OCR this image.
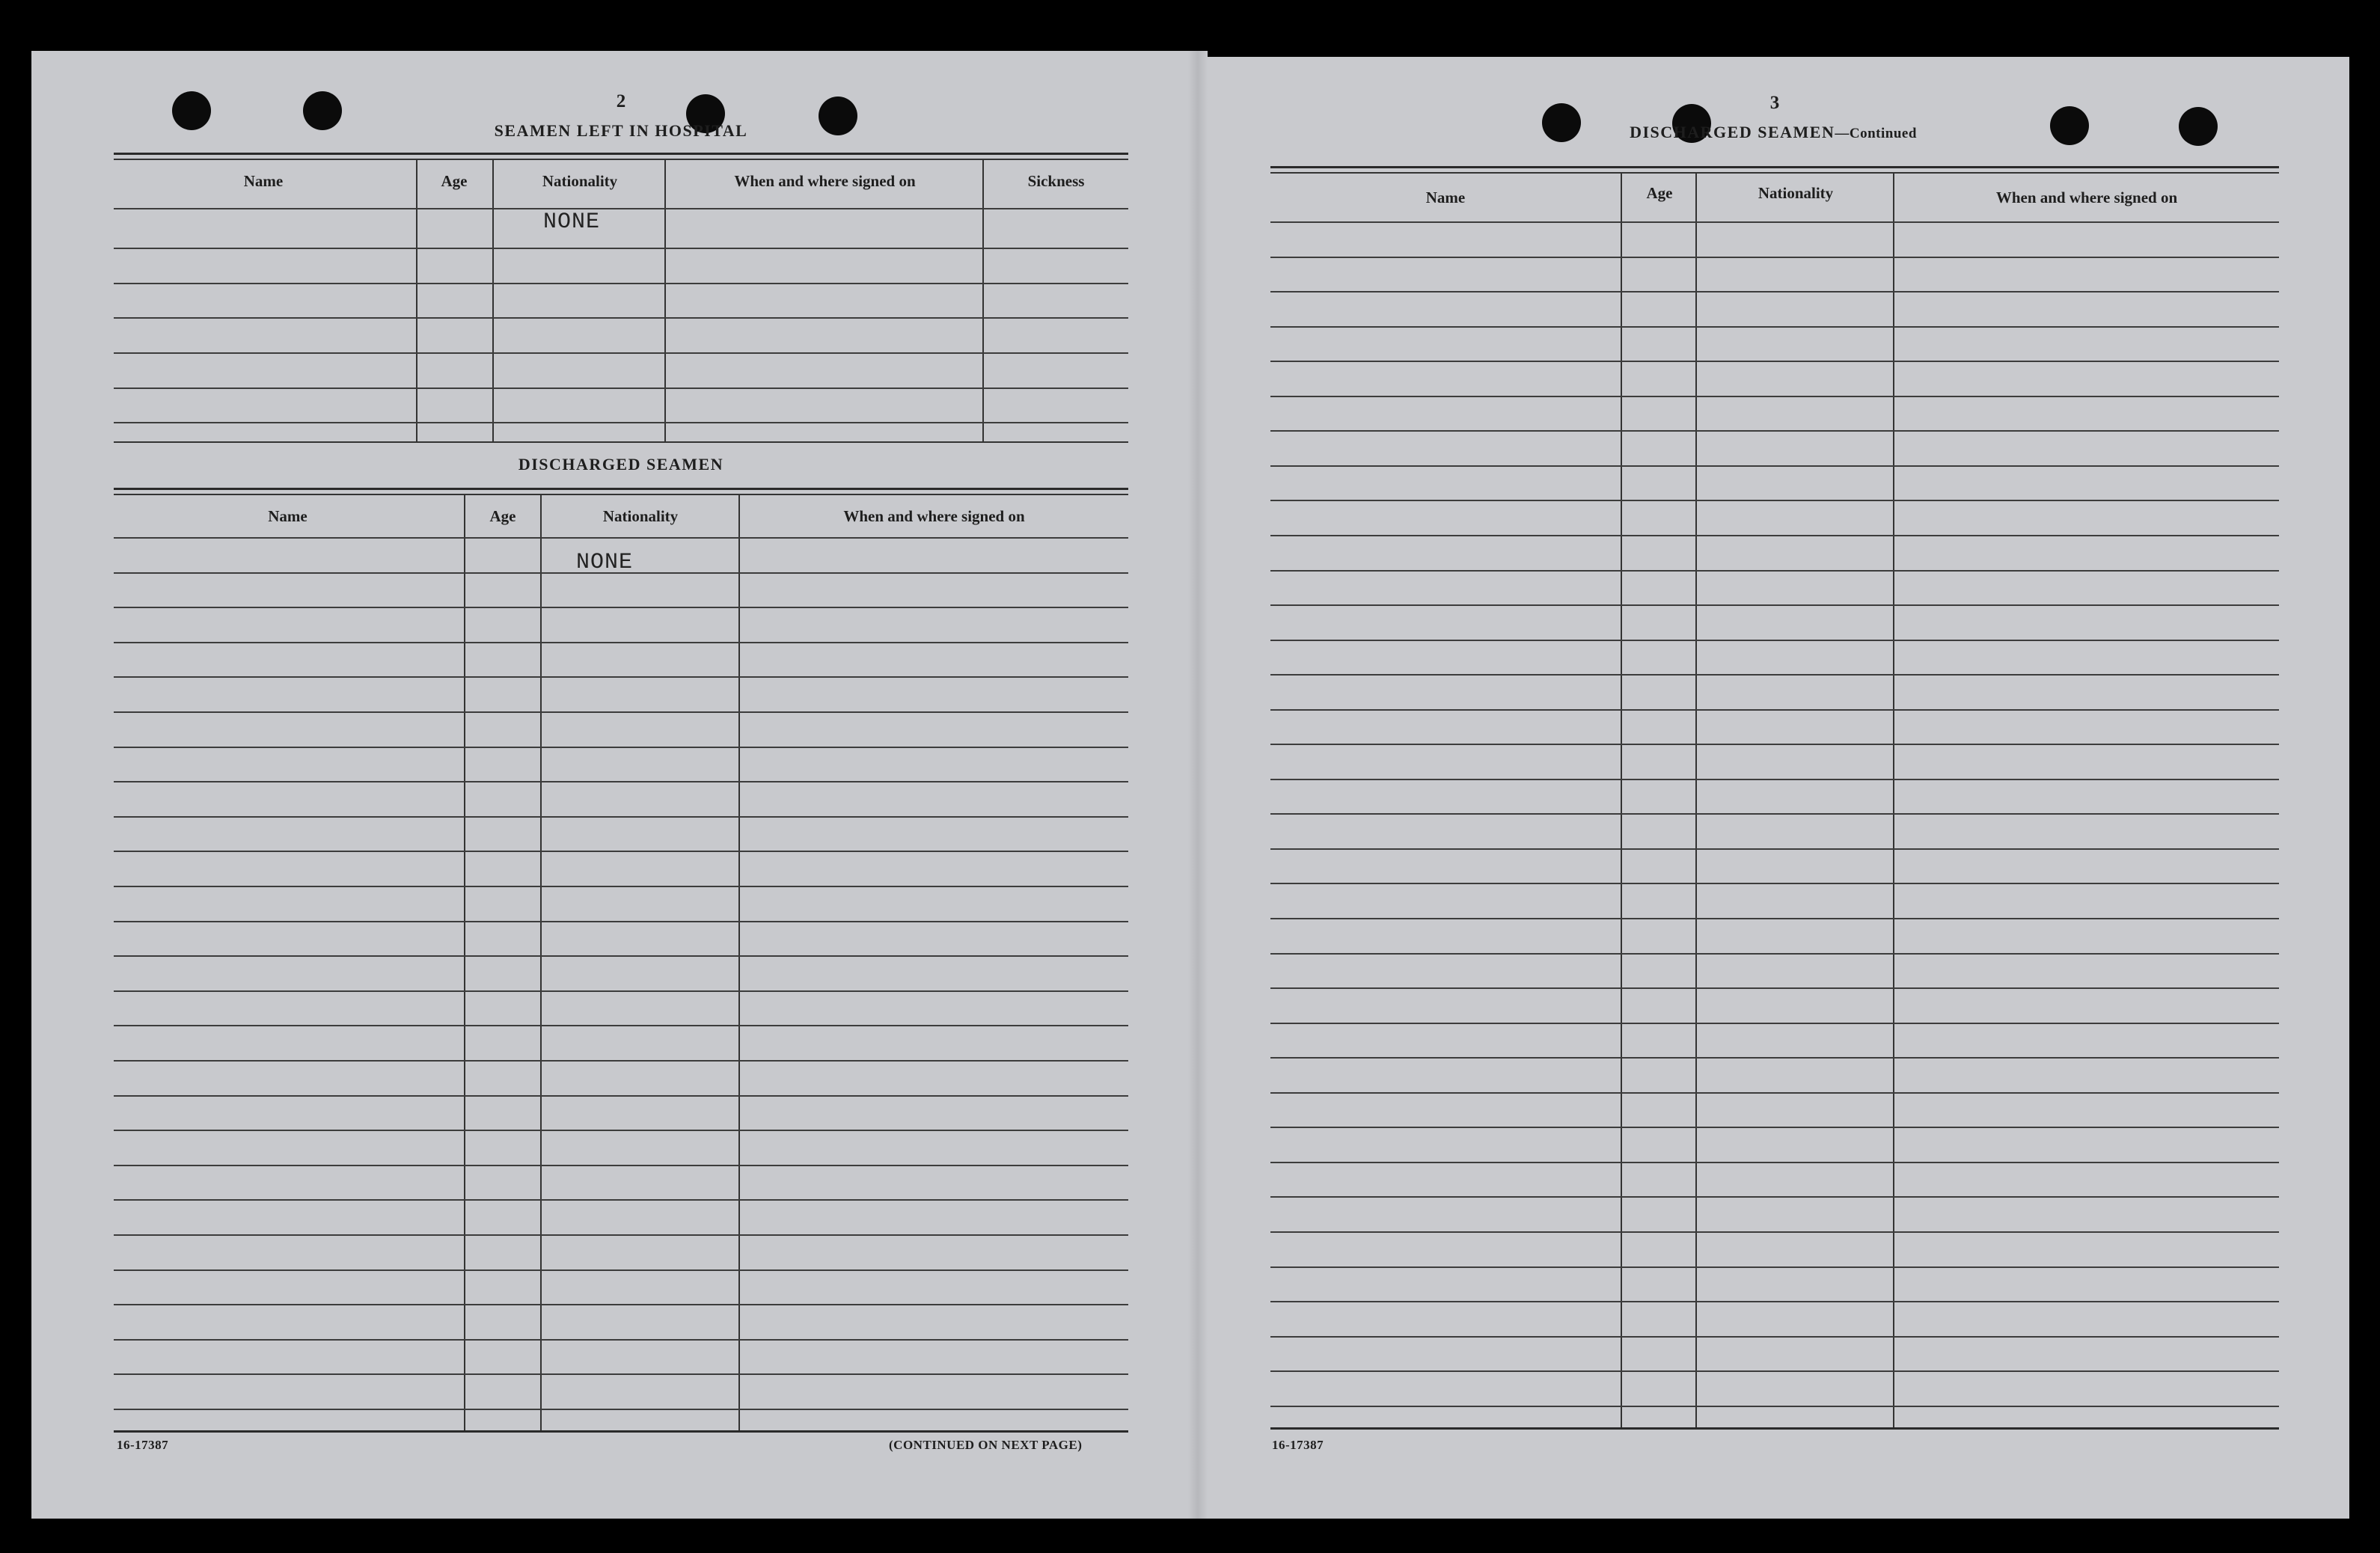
2
SEAMEN LEFT IN HOSPITAL
Name	Age	Nationality	When and where signed on	Sickness
NONE
DISCHARGED SEAMEN
Name	Age	Nationality	When and where signed on
NONE
16-17387	(CONTINUED ON NEXT PAGE)
3
DISCHARGED SEAMEN—Continued
Name	Age	Nationality	When and where signed on
16-17387
